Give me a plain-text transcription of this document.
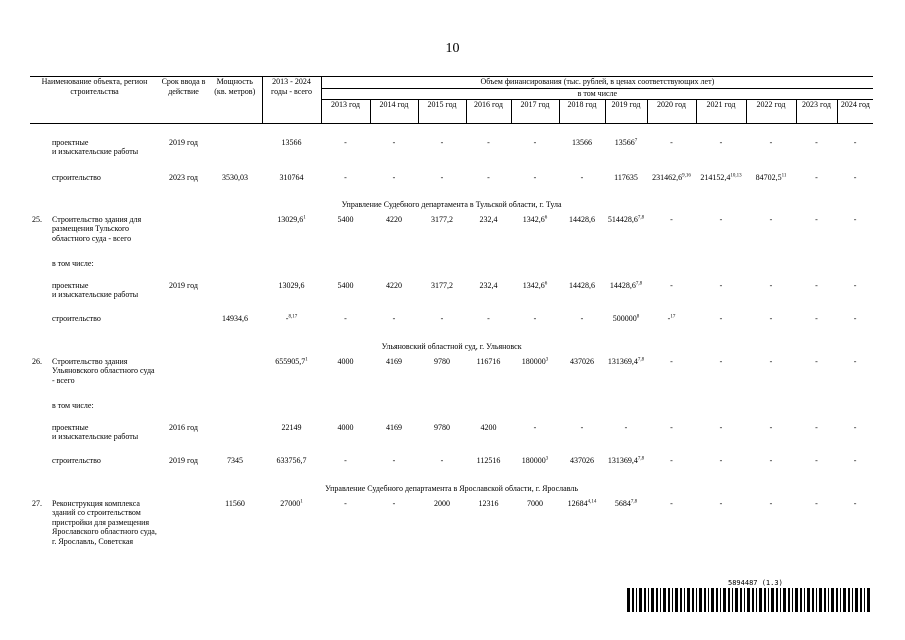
10
Наименование объекта, регион строительства		Срок ввода в действие	Мощность (кв. метров)	2013 - 2024 годы - всего	Объем финансирования (тыс. рублей, в ценах соответствующих лет)											
					в том числе											
					2013 год	2014 год	2015 год	2016 год	2017 год	2018 год	2019 год	2020 год	2021 год	2022 год	2023 год	2024 год

	проектные
и изыскательские работы	2019 год		13566	-	-	-	-	-	13566	13566$^7$	-	-	-	-	-
	строительство	2023 год	3530,03	310764	-	-	-	-	-	-	117635	231462,6$^{9,16}$	214152,4$^{10,13}$	84702,5$^{11}$	-	-
Управление Судебного департамента в Тульской области, г. Тула																
25.	Строительство здания для размещения Тульского областного суда - всего			13029,6$^1$	5400	4220	3177,2	232,4	1342,6$^6$	14428,6	514428,6$^{7,8}$	-	-	-	-	-
	в том числе:															
	проектные
и изыскательские работы	2019 год		13029,6	5400	4220	3177,2	232,4	1342,6$^6$	14428,6	14428,6$^{7,8}$	-	-	-	-	-
	строительство		14934,6	-$^{8,17}$	-	-	-	-	-	-	500000$^8$	-$^{17}$	-	-	-	-
Ульяновский областной суд, г. Ульяновск																
26.	Строительство здания Ульяновского областного суда - всего			655905,7$^1$	4000	4169	9780	116716	180000$^3$	437026	131369,4$^{7,8}$	-	-	-	-	-
	в том числе:															
	проектные
и изыскательские работы	2016 год		22149	4000	4169	9780	4200	-	-	-	-	-	-	-	-
	строительство	2019 год	7345	633756,7	-	-	-	112516	180000$^3$	437026	131369,4$^{7,8}$	-	-	-	-	-
Управление Судебного департамента в Ярославской области, г. Ярославль																
27.	Реконструкция комплекса зданий со строительством пристройки для размещения Ярославского областного суда,
г. Ярославль, Советская		11560	27000$^1$	-	-	2000	12316	7000	12684$^{4,14}$	5684$^{7,8}$	-	-	-	-	-
5894487 (1.3)
